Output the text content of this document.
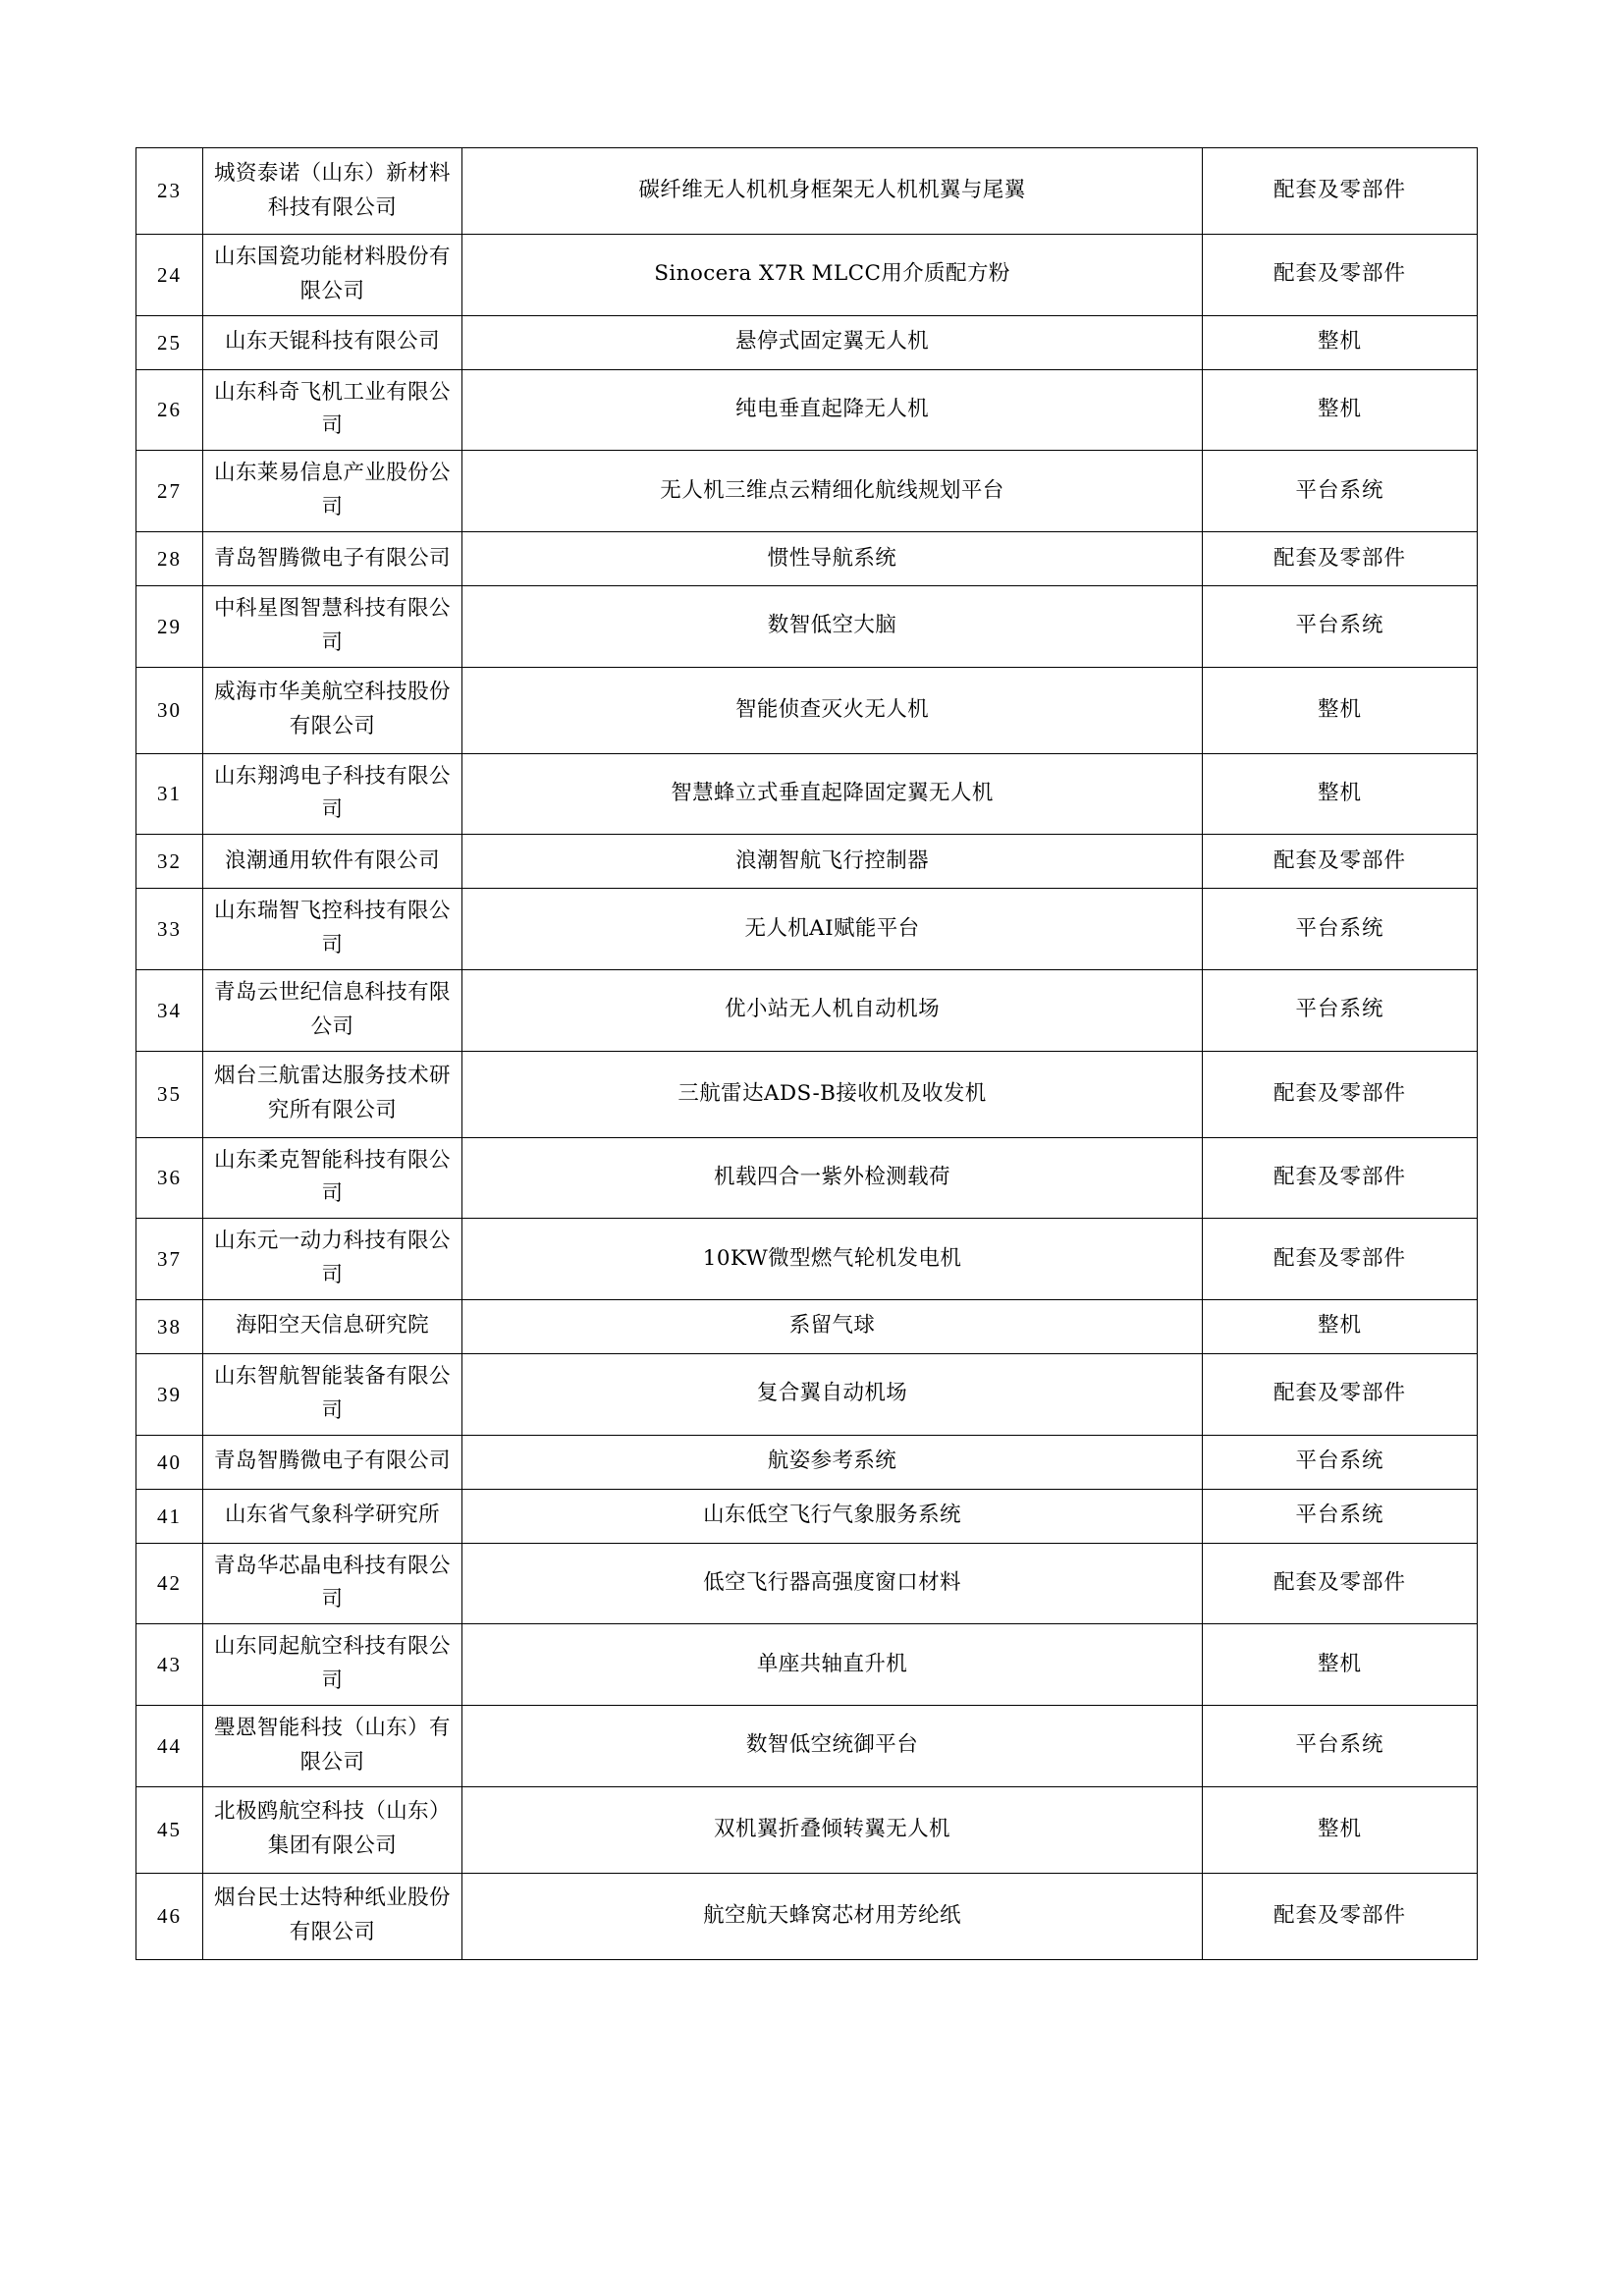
23	城资泰诺（山东）新材料科技有限公司	碳纤维无人机机身框架无人机机翼与尾翼	配套及零部件
24	山东国瓷功能材料股份有限公司	Sinocera X7R MLCC用介质配方粉	配套及零部件
25	山东天锟科技有限公司	悬停式固定翼无人机	整机
26	山东科奇飞机工业有限公司	纯电垂直起降无人机	整机
27	山东莱易信息产业股份公司	无人机三维点云精细化航线规划平台	平台系统
28	青岛智腾微电子有限公司	惯性导航系统	配套及零部件
29	中科星图智慧科技有限公司	数智低空大脑	平台系统
30	威海市华美航空科技股份有限公司	智能侦查灭火无人机	整机
31	山东翔鸿电子科技有限公司	智慧蜂立式垂直起降固定翼无人机	整机
32	浪潮通用软件有限公司	浪潮智航飞行控制器	配套及零部件
33	山东瑞智飞控科技有限公司	无人机AI赋能平台	平台系统
34	青岛云世纪信息科技有限公司	优小站无人机自动机场	平台系统
35	烟台三航雷达服务技术研究所有限公司	三航雷达ADS-B接收机及收发机	配套及零部件
36	山东柔克智能科技有限公司	机载四合一紫外检测载荷	配套及零部件
37	山东元一动力科技有限公司	10KW微型燃气轮机发电机	配套及零部件
38	海阳空天信息研究院	系留气球	整机
39	山东智航智能装备有限公司	复合翼自动机场	配套及零部件
40	青岛智腾微电子有限公司	航姿参考系统	平台系统
41	山东省气象科学研究所	山东低空飞行气象服务系统	平台系统
42	青岛华芯晶电科技有限公司	低空飞行器高强度窗口材料	配套及零部件
43	山东同起航空科技有限公司	单座共轴直升机	整机
44	璺恩智能科技（山东）有限公司	数智低空统御平台	平台系统
45	北极鸥航空科技（山东）集团有限公司	双机翼折叠倾转翼无人机	整机
46	烟台民士达特种纸业股份有限公司	航空航天蜂窝芯材用芳纶纸	配套及零部件
